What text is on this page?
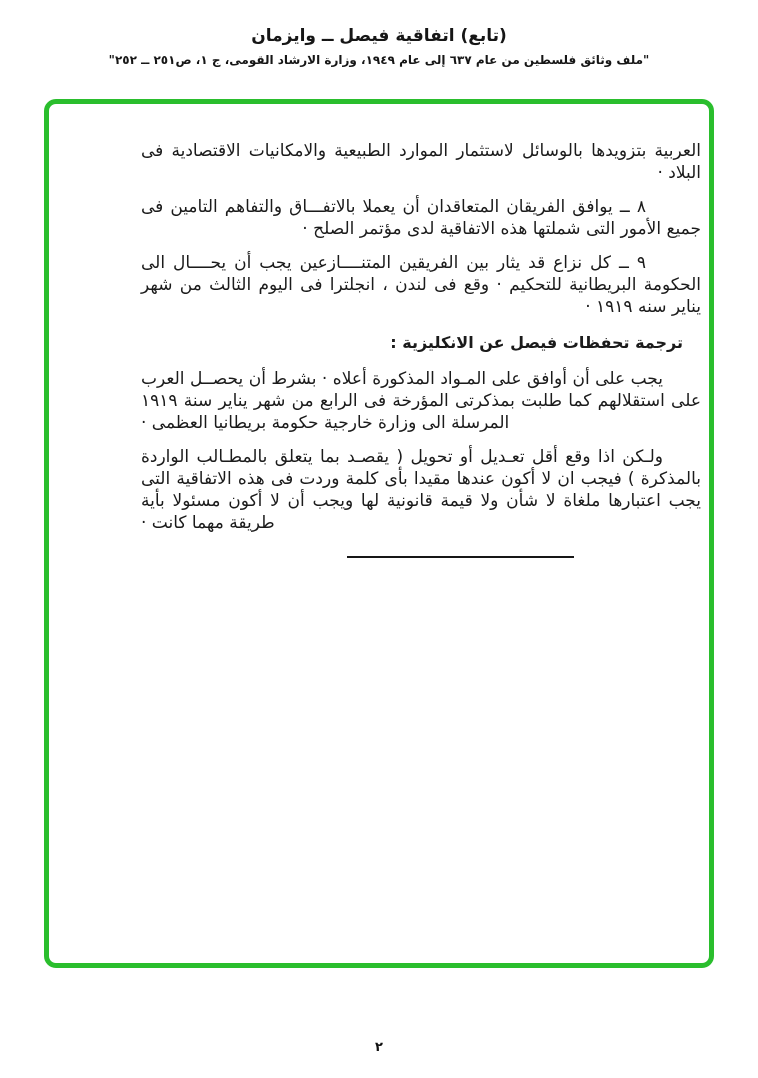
(تابع) اتفاقية فيصل ــ وايزمان
"ملف وثائق فلسطين من عام ٦٣٧ إلى عام ١٩٤٩، وزارة الارشاد القومى، ج ١، ص٢٥١ ــ ٢٥٢"

العربية بتزويدها بالوسائل لاستثمار الموارد الطبيعية والامكانيات الاقتصادية فى البلاد ·

٨ ــ يوافق الفريقان المتعاقدان أن يعملا بالاتفـــاق والتفاهم التامين فى جميع الأمور التى شملتها هذه الاتفاقية لدى مؤتمر الصلح ·

٩ ــ كل نزاع قد يثار بين الفريقين المتنــــازعين يجب أن يحــــال الى الحكومة البريطانية للتحكيم · وقع فى لندن ، انجلترا فى اليوم الثالث من شهر يناير سنه ١٩١٩ ·

ترجمة تحفظات فيصل عن الانكليزية :

يجب على أن أوافق على المـواد المذكورة أعلاه · بشرط أن يحصــل العرب على استقلالهم كما طلبت بمذكرتى المؤرخة فى الرابع من شهر يناير سنة ١٩١٩ المرسلة الى وزارة خارجية حكومة بريطانيا العظمى ·

ولـكن اذا وقع أقل تعـديل أو تحويل ( يقصـد بما يتعلق بالمطـالب الواردة بالمذكرة ) فيجب ان لا أكون عندها مقيدا بأى كلمة وردت فى هذه الاتفاقية التى يجب اعتبارها ملغاة لا شأن ولا قيمة قانونية لها ويجب أن لا أكون مسئولا بأية طريقة مهما كانت ·

٢
